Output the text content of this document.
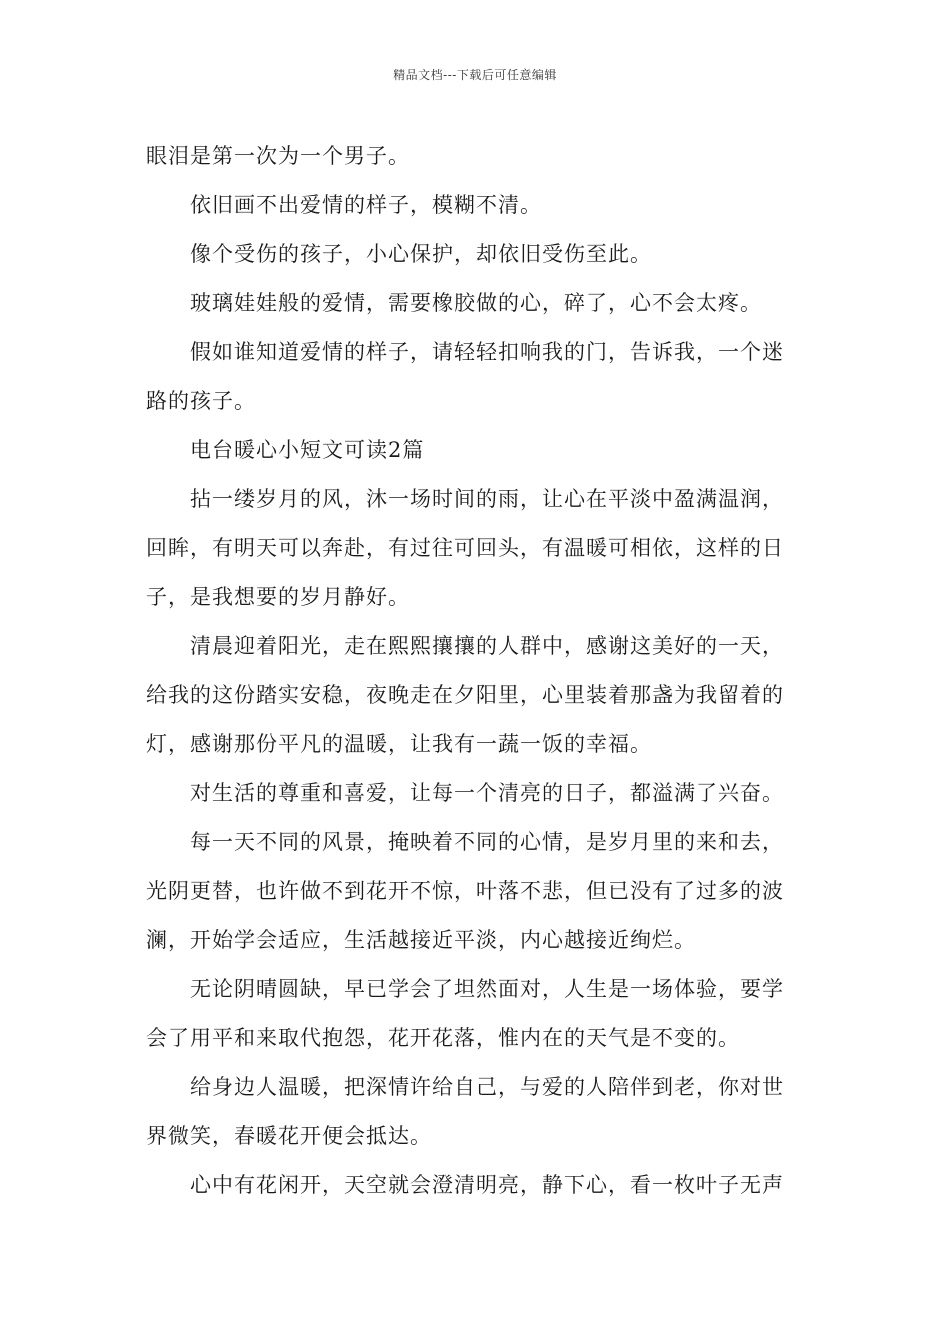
精品文档---下载后可任意编辑
眼泪是第一次为一个男子。
依旧画不出爱情的样子，模糊不清。
像个受伤的孩子，小心保护，却依旧受伤至此。
玻璃娃娃般的爱情，需要橡胶做的心，碎了，心不会太疼。
假如谁知道爱情的样子，请轻轻扣响我的门，告诉我，一个迷
路的孩子。
电台暖心小短文可读2篇
拈一缕岁月的风，沐一场时间的雨，让心在平淡中盈满温润，
回眸，有明天可以奔赴，有过往可回头，有温暖可相依，这样的日
子，是我想要的岁月静好。
清晨迎着阳光，走在熙熙攘攘的人群中，感谢这美好的一天，
给我的这份踏实安稳，夜晚走在夕阳里，心里装着那盏为我留着的
灯，感谢那份平凡的温暖，让我有一蔬一饭的幸福。
对生活的尊重和喜爱，让每一个清亮的日子，都溢满了兴奋。
每一天不同的风景，掩映着不同的心情，是岁月里的来和去，
光阴更替，也许做不到花开不惊，叶落不悲，但已没有了过多的波
澜，开始学会适应，生活越接近平淡，内心越接近绚烂。
无论阴晴圆缺，早已学会了坦然面对，人生是一场体验，要学
会了用平和来取代抱怨，花开花落，惟内在的天气是不变的。
给身边人温暖，把深情许给自己，与爱的人陪伴到老，你对世
界微笑，春暖花开便会抵达。
心中有花闲开，天空就会澄清明亮，静下心，看一枚叶子无声
